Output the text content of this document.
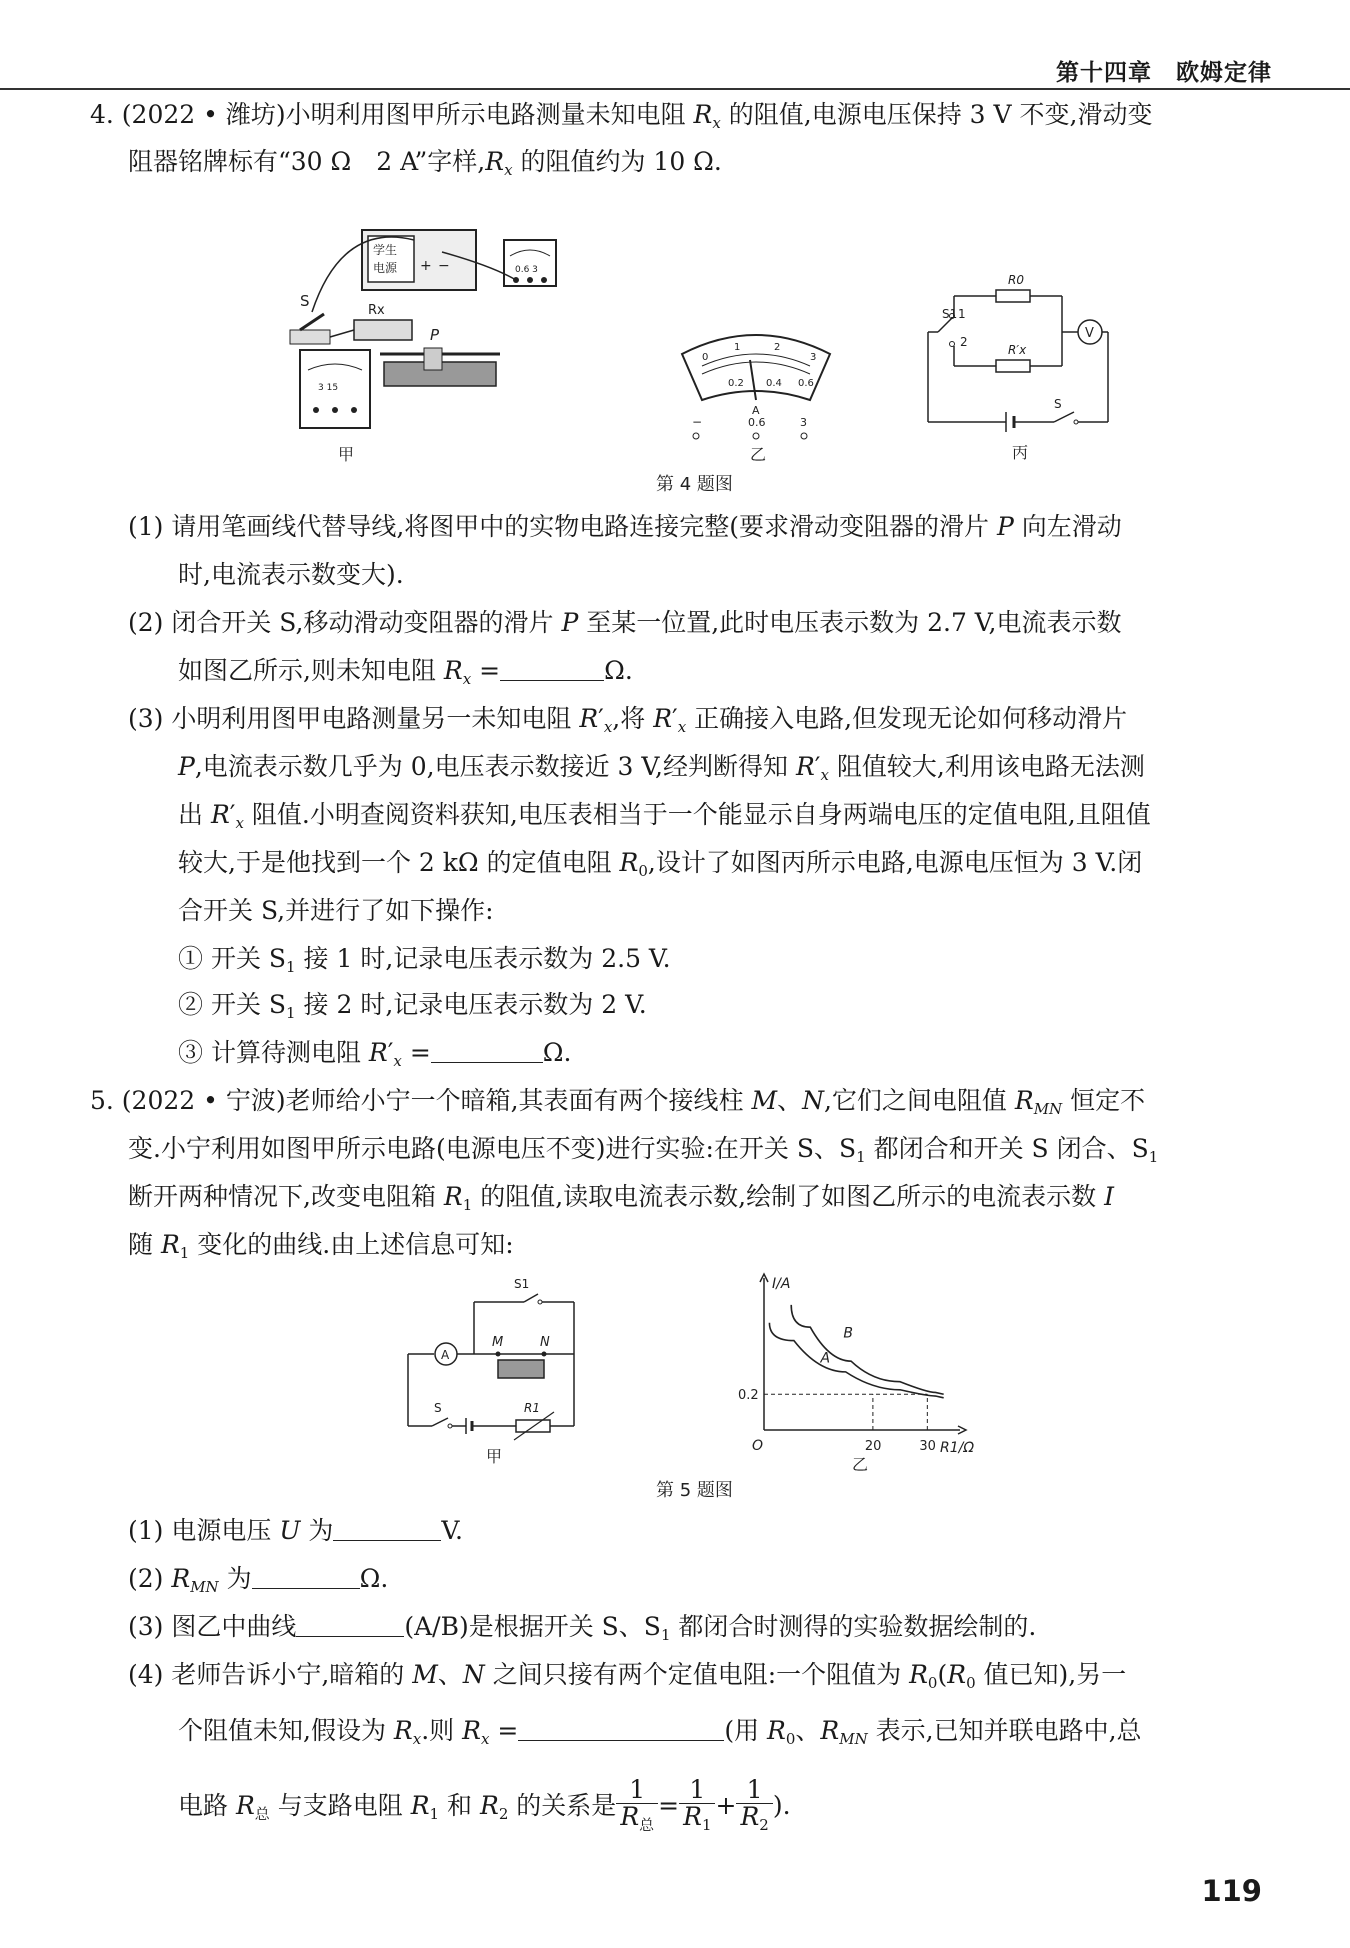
第十四章　欧姆定律
4. (2022 • 潍坊)小明利用图甲所示电路测量未知电阻 $R_x$ 的阻值,电源电压保持 3 V 不变,滑动变
阻器铭牌标有“30 Ω　2 A”字样$,R_x$ 的阻值约为 10 Ω.
学生
电源 + −	0.6 3
S
Rx
3 15
P
甲
0
1	2
3
0.2 0.4 0.6
A
−	0.6	3
乙
S1 1
2
R0
R′x
V
S
丙
第 4 题图
(1) 请用笔画线代替导线,将图甲中的实物电路连接完整(要求滑动变阻器的滑片 P 向左滑动
时,电流表示数变大).
(2) 闭合开关 S,移动滑动变阻器的滑片 P 至某一位置,此时电压表示数为 2.7 V,电流表示数
如图乙所示,则未知电阻 $R_x$ =	Ω.
(3) 小明利用图甲电路测量另一未知电阻 $R'_x$,将 $R'_x$ 正确接入电路,但发现无论如何移动滑片
P,电流表示数几乎为 0,电压表示数接近 3 V,经判断得知 $R'_x$ 阻值较大,利用该电路无法测
出 $R'_x$ 阻值.小明查阅资料获知,电压表相当于一个能显示自身两端电压的定值电阻,且阻值
较大,于是他找到一个 2 kΩ 的定值电阻 $R_0$,设计了如图丙所示电路,电源电压恒为 3 V.闭
合开关 S,并进行了如下操作:
① 开关 $S_1$ 接 1 时,记录电压表示数为 2.5 V.
② 开关 $S_1$ 接 2 时,记录电压表示数为 2 V.
③ 计算待测电阻 $R'_x$ =	Ω.
5. (2022 • 宁波)老师给小宁一个暗箱,其表面有两个接线柱 M、N,它们之间电阻值 $R_{MN}$ 恒定不
变.小宁利用如图甲所示电路(电源电压不变)进行实验:在开关 S、$S_1$ 都闭合和开关 S 闭合、$S_1$
断开两种情况下,改变电阻箱 $R_1$ 的阻值,读取电流表示数,绘制了如图乙所示的电流表示数 I
随 $R_1$ 变化的曲线.由上述信息可知:
S1
A
M	N
S	R1
甲
I/A
R1/Ω
O
A
B
20	30
0.2
乙
第 5 题图
(1) 电源电压 U 为	V.
(2) $R_{MN}$ 为	Ω.
(3) 图乙中曲线	(A/B)是根据开关 S、$S_1$ 都闭合时测得的实验数据绘制的.
(4) 老师告诉小宁,暗箱的 M、N 之间只接有两个定值电阻:一个阻值为 $R_0(R_0$ 值已知),另一
个阻值未知,假设为 $R_x$.则 $R_x$ =	(用 $R_0$、$R_{MN}$ 表示,已知并联电路中,总
电路 $R_总$ 与支路电阻 $R_1$ 和 $R_2$ 的关系是 $\frac{1}{R_总} = \frac{1}{R_1} + \frac{1}{R_2}$ ).
119
